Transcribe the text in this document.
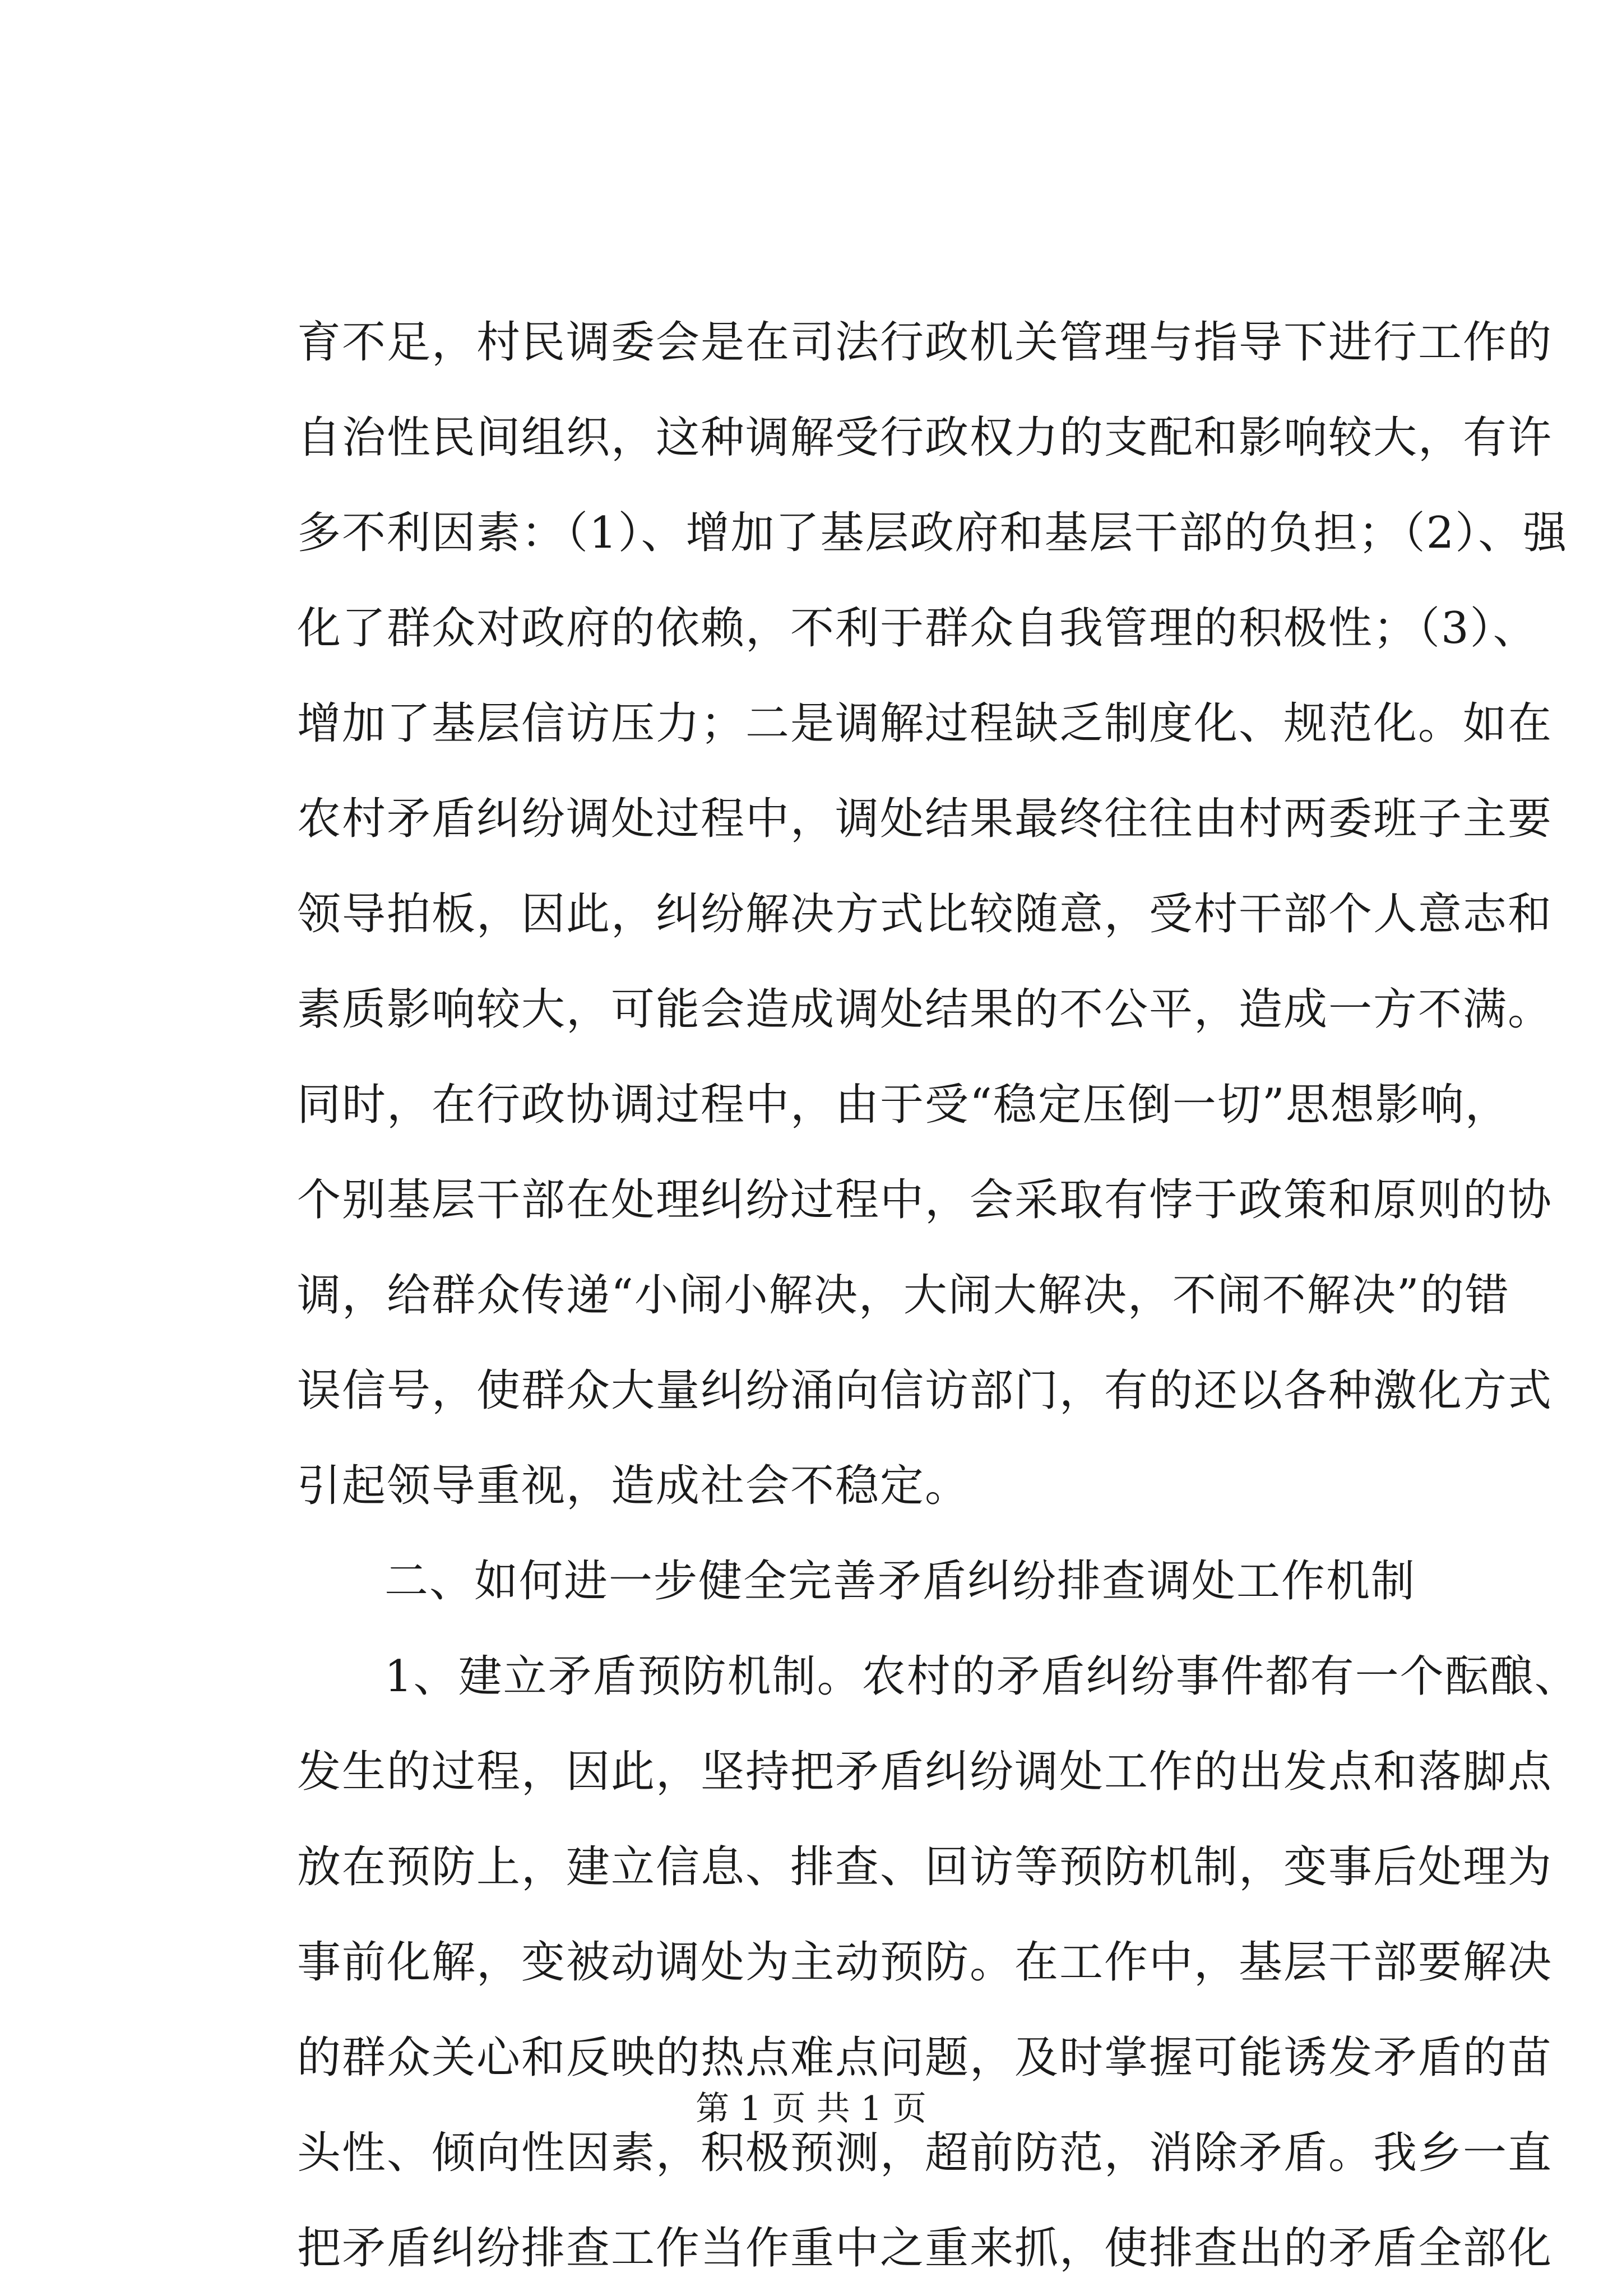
育不足，村民调委会是在司法行政机关管理与指导下进行工作的
自治性民间组织，这种调解受行政权力的支配和影响较大，有许
多不利因素：（1）、增加了基层政府和基层干部的负担；（2）、强
化了群众对政府的依赖，不利于群众自我管理的积极性；（3）、
增加了基层信访压力；二是调解过程缺乏制度化、规范化。如在
农村矛盾纠纷调处过程中，调处结果最终往往由村两委班子主要
领导拍板，因此，纠纷解决方式比较随意，受村干部个人意志和
素质影响较大，可能会造成调处结果的不公平，造成一方不满。
同时，在行政协调过程中，由于受“稳定压倒一切”思想影响，
个别基层干部在处理纠纷过程中，会采取有悖于政策和原则的协
调，给群众传递“小闹小解决，大闹大解决，不闹不解决”的错
误信号，使群众大量纠纷涌向信访部门，有的还以各种激化方式
引起领导重视，造成社会不稳定。
二、如何进一步健全完善矛盾纠纷排查调处工作机制
1、建立矛盾预防机制。农村的矛盾纠纷事件都有一个酝酿、
发生的过程，因此，坚持把矛盾纠纷调处工作的出发点和落脚点
放在预防上，建立信息、排查、回访等预防机制，变事后处理为
事前化解，变被动调处为主动预防。在工作中，基层干部要解决
的群众关心和反映的热点难点问题，及时掌握可能诱发矛盾的苗
头性、倾向性因素，积极预测，超前防范，消除矛盾。我乡一直
把矛盾纠纷排查工作当作重中之重来抓，使排查出的矛盾全部化
第 1 页 共 1 页
